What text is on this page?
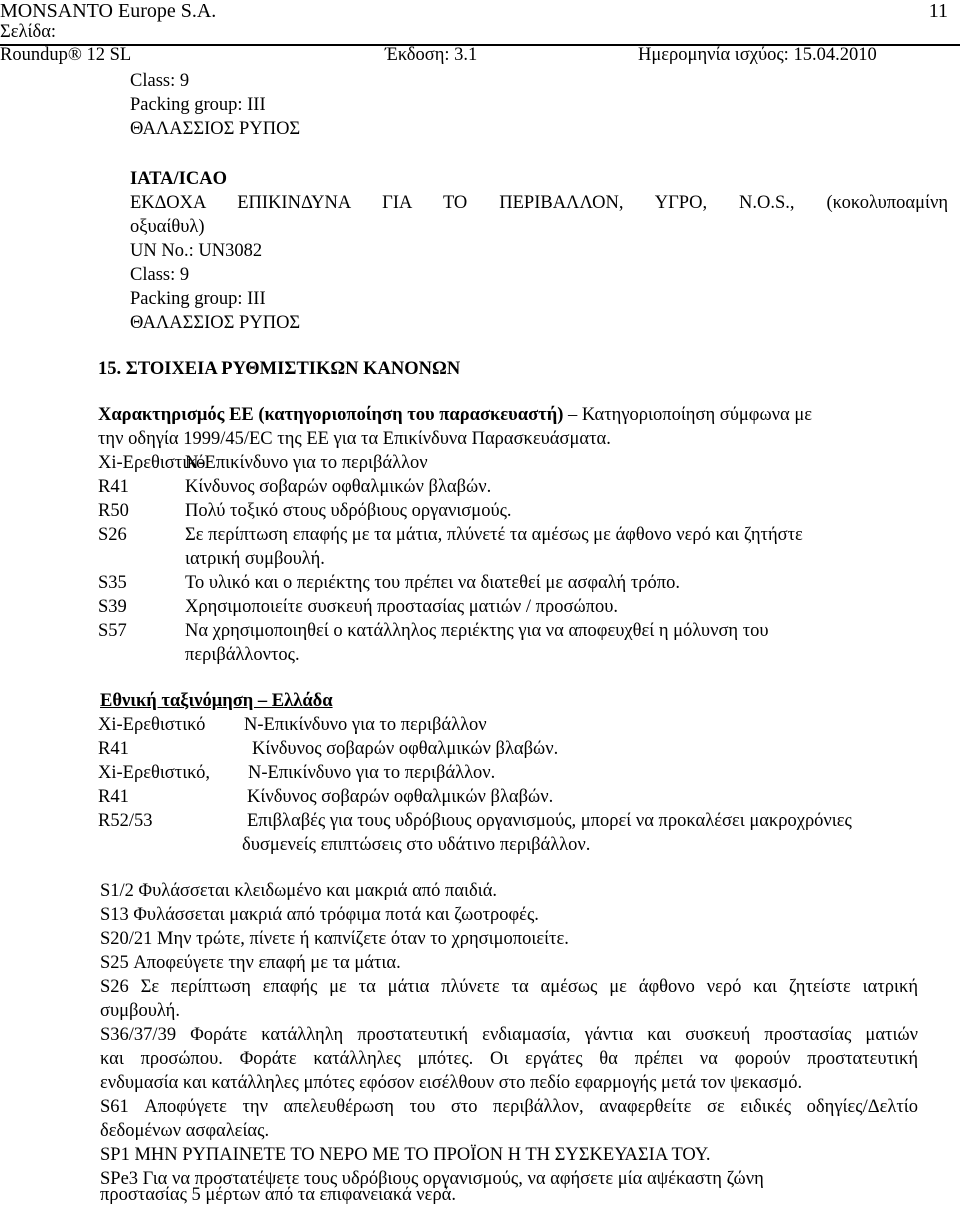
MONSANTO Europe S.A.	11
Σελίδα:
Roundup® 12 SL	Έκδοση: 3.1	Ημερομηνία ισχύος: 15.04.2010
Class: 9
Packing group: III
ΘΑΛΑΣΣΙΟΣ ΡΥΠΟΣ
IATA/ICAO
ΕΚΔΟΧΑ ΕΠΙΚΙΝΔΥΝΑ ΓΙΑ ΤΟ ΠΕΡΙΒΑΛΛΟΝ, ΥΓΡΟ, Ν.Ο.S., (κοκολυποαμίνη
οξυαίθυλ)
UN No.: UN3082
Class: 9
Packing group: III
ΘΑΛΑΣΣΙΟΣ ΡΥΠΟΣ
15. ΣΤΟΙΧΕΙΑ ΡΥΘΜΙΣΤΙΚΩΝ ΚΑΝΟΝΩΝ
Χαρακτηρισμός ΕΕ (κατηγοριοποίηση του παρασκευαστή) – Κατηγοριοποίηση σύμφωνα με
την οδηγία 1999/45/EC της ΕΕ για τα Επικίνδυνα Παρασκευάσματα.
Xi-Ερεθιστικό
N-Επικίνδυνο για το περιβάλλον
R41	Κίνδυνος σοβαρών οφθαλμικών βλαβών.
R50	Πολύ τοξικό στους υδρόβιους οργανισμούς.
S26	Σε περίπτωση επαφής με τα μάτια, πλύνετέ τα αμέσως με άφθονο νερό και ζητήστε
ιατρική συμβουλή.
S35	Το υλικό και ο περιέκτης του πρέπει να διατεθεί με ασφαλή τρόπο.
S39	Χρησιμοποιείτε συσκευή προστασίας ματιών / προσώπου.
S57	Να χρησιμοποιηθεί ο κατάλληλος περιέκτης για να αποφευχθεί η μόλυνση του
περιβάλλοντος.
Εθνική ταξινόμηση – Ελλάδα
Xi-Ερεθιστικό N-Επικίνδυνο για το περιβάλλον
R41	Κίνδυνος σοβαρών οφθαλμικών βλαβών.
Xi-Ερεθιστικό, N-Επικίνδυνο για το περιβάλλον.
R41	Κίνδυνος σοβαρών οφθαλμικών βλαβών.
R52/53	Επιβλαβές για τους υδρόβιους οργανισμούς, μπορεί να προκαλέσει μακροχρόνιες
δυσμενείς επιπτώσεις στο υδάτινο περιβάλλον.
S1/2 Φυλάσσεται κλειδωμένο και μακριά από παιδιά.
S13 Φυλάσσεται μακριά από τρόφιμα ποτά και ζωοτροφές.
S20/21 Μην τρώτε, πίνετε ή καπνίζετε όταν το χρησιμοποιείτε.
S25 Αποφεύγετε την επαφή με τα μάτια.
S26 Σε περίπτωση επαφής με τα μάτια πλύνετε τα αμέσως με άφθονο νερό και ζητείστε ιατρική
συμβουλή.
S36/37/39 Φοράτε κατάλληλη προστατευτική ενδιαμασία, γάντια και συσκευή προστασίας ματιών
και προσώπου. Φοράτε κατάλληλες μπότες. Οι εργάτες θα πρέπει να φορούν προστατευτική
ενδυμασία και κατάλληλες μπότες εφόσον εισέλθουν στο πεδίο εφαρμογής μετά τον ψεκασμό.
S61 Αποφύγετε την απελευθέρωση του στο περιβάλλον, αναφερθείτε σε ειδικές οδηγίες/Δελτίο
δεδομένων ασφαλείας.
SP1 ΜΗΝ ΡΥΠΑΙΝΕΤΕ ΤΟ ΝΕΡΟ ΜΕ ΤΟ ΠΡΟΪΟΝ Η ΤΗ ΣΥΣΚΕΥΑΣΙΑ ΤΟΥ.
SPe3 Για να προστατέψετε τους υδρόβιους οργανισμούς, να αφήσετε μία αψέκαστη ζώνη
προστασίας 5 μέρτων από τα επιφανειακά νερά.
